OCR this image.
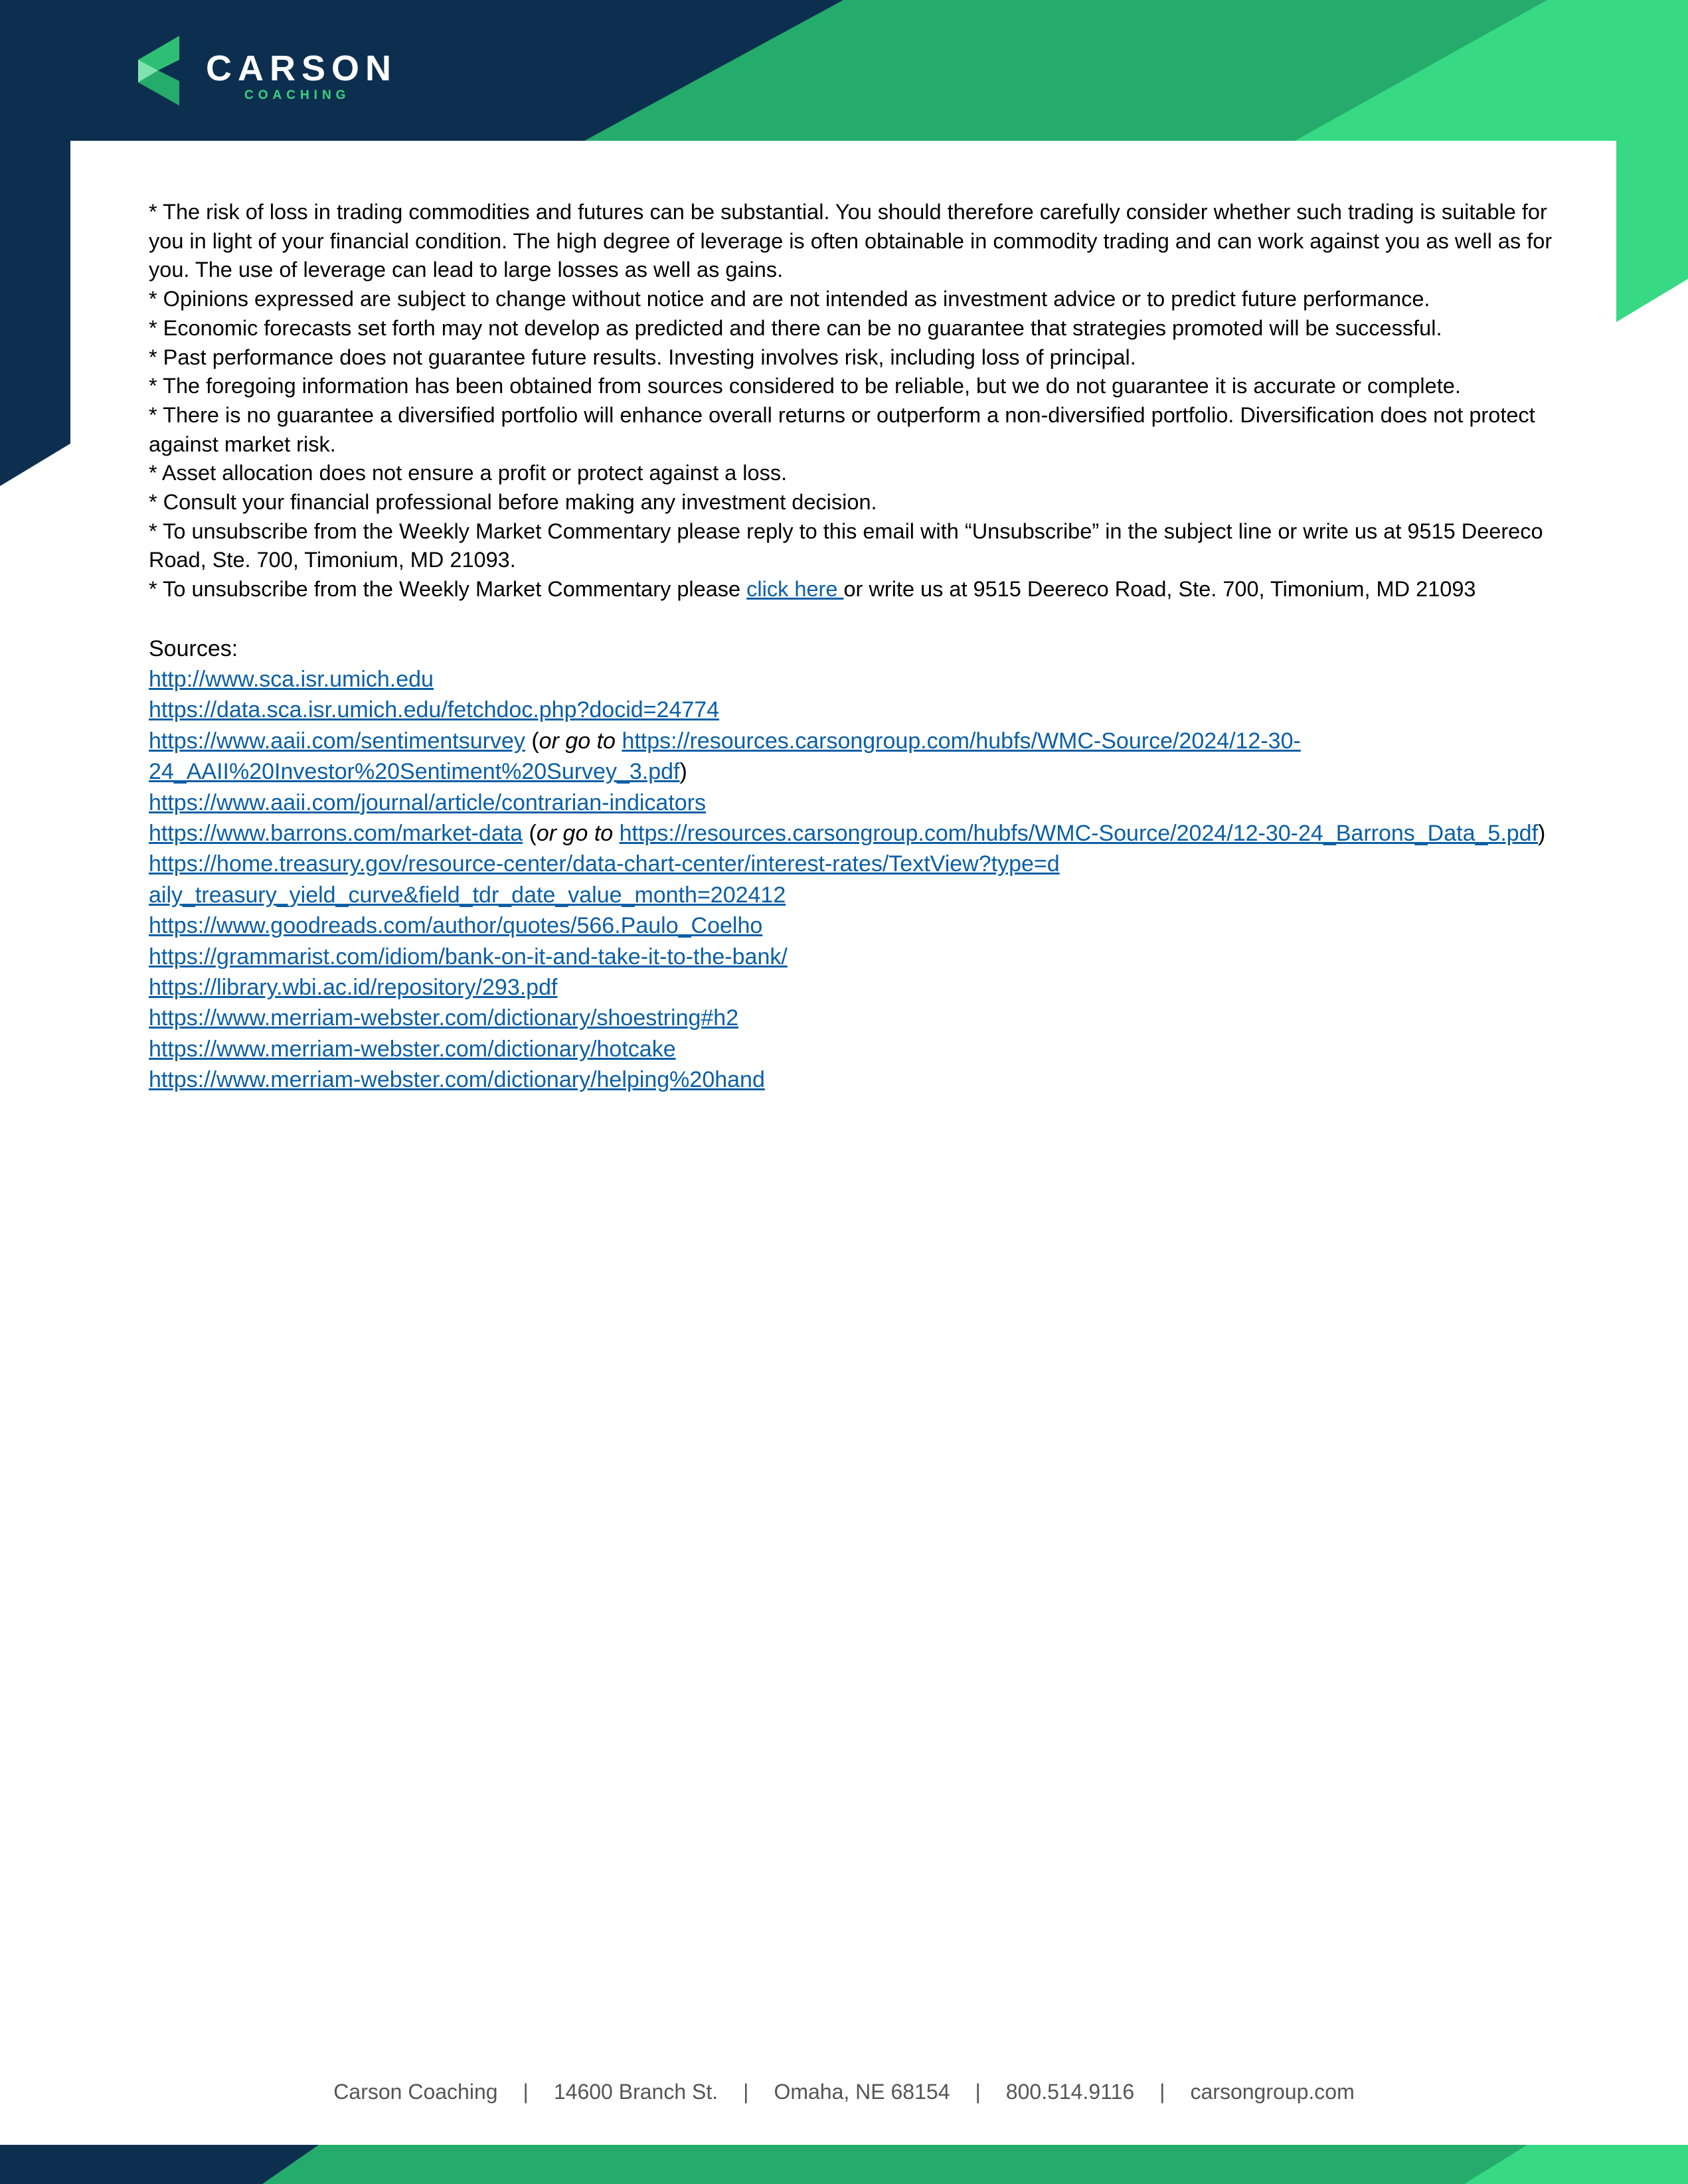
CARSON
COACHING

* The risk of loss in trading commodities and futures can be substantial. You should therefore carefully consider whether such trading is suitable for you in light of your financial condition. The high degree of leverage is often obtainable in commodity trading and can work against you as well as for you. The use of leverage can lead to large losses as well as gains.

* Opinions expressed are subject to change without notice and are not intended as investment advice or to predict future performance.

* Economic forecasts set forth may not develop as predicted and there can be no guarantee that strategies promoted will be successful.

* Past performance does not guarantee future results. Investing involves risk, including loss of principal.

* The foregoing information has been obtained from sources considered to be reliable, but we do not guarantee it is accurate or complete.

* There is no guarantee a diversified portfolio will enhance overall returns or outperform a non-diversified portfolio. Diversification does not protect against market risk.

* Asset allocation does not ensure a profit or protect against a loss.

* Consult your financial professional before making any investment decision.

* To unsubscribe from the Weekly Market Commentary please reply to this email with “Unsubscribe” in the subject line or write us at 9515 Deereco Road, Ste. 700, Timonium, MD 21093.

* To unsubscribe from the Weekly Market Commentary please click here or write us at 9515 Deereco Road, Ste. 700, Timonium, MD 21093

Sources:

http://www.sca.isr.umich.edu

https://data.sca.isr.umich.edu/fetchdoc.php?docid=24774

https://www.aaii.com/sentimentsurvey (or go to https://resources.carsongroup.com/hubfs/WMC-Source/2024/12-30-24_AAII%20Investor%20Sentiment%20Survey_3.pdf)

https://www.aaii.com/journal/article/contrarian-indicators

https://www.barrons.com/market-data (or go to https://resources.carsongroup.com/hubfs/WMC-Source/2024/12-30-24_Barrons_Data_5.pdf)

https://home.treasury.gov/resource-center/data-chart-center/interest-rates/TextView?type=daily_treasury_yield_curve&field_tdr_date_value_month=202412

https://www.goodreads.com/author/quotes/566.Paulo_Coelho

https://grammarist.com/idiom/bank-on-it-and-take-it-to-the-bank/

https://library.wbi.ac.id/repository/293.pdf

https://www.merriam-webster.com/dictionary/shoestring#h2

https://www.merriam-webster.com/dictionary/hotcake

https://www.merriam-webster.com/dictionary/helping%20hand

Carson Coaching | 14600 Branch St. | Omaha, NE 68154 | 800.514.9116 | carsongroup.com
